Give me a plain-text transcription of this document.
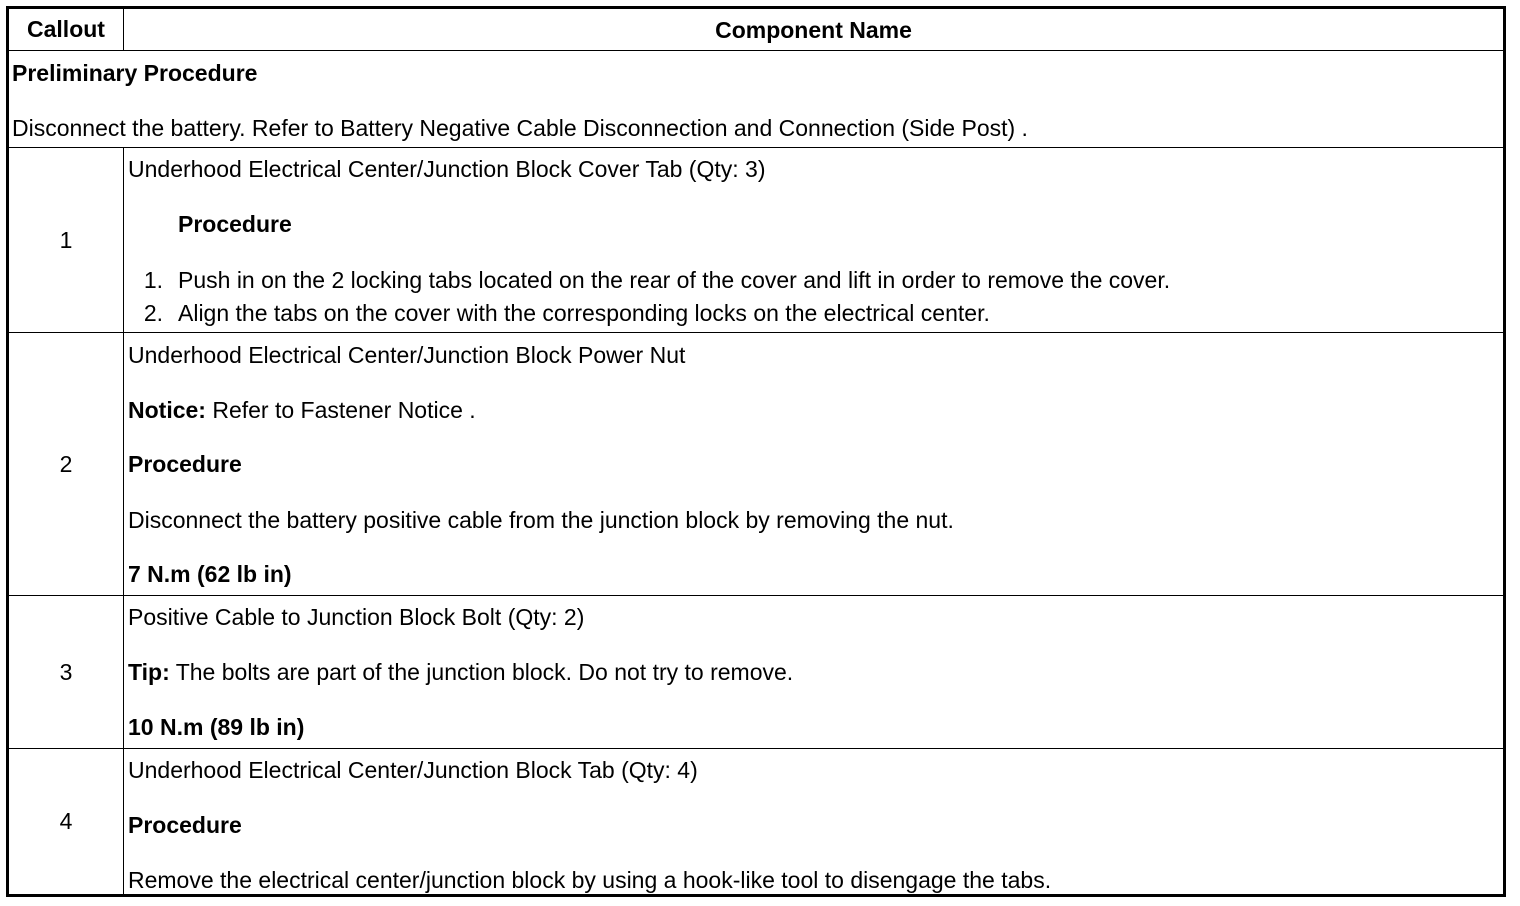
Callout	Component Name
Preliminary Procedure
Disconnect the battery. Refer to Battery Negative Cable Disconnection and Connection (Side Post) .
1
Underhood Electrical Center/Junction Block Cover Tab (Qty: 3)
Procedure
1. Push in on the 2 locking tabs located on the rear of the cover and lift in order to remove the cover.
2. Align the tabs on the cover with the corresponding locks on the electrical center.
2
Underhood Electrical Center/Junction Block Power Nut
Notice: Refer to Fastener Notice .
Procedure
Disconnect the battery positive cable from the junction block by removing the nut.
7 N.m (62 lb in)
3
Positive Cable to Junction Block Bolt (Qty: 2)
Tip: The bolts are part of the junction block. Do not try to remove.
10 N.m (89 lb in)
4
Underhood Electrical Center/Junction Block Tab (Qty: 4)
Procedure
Remove the electrical center/junction block by using a hook-like tool to disengage the tabs.
